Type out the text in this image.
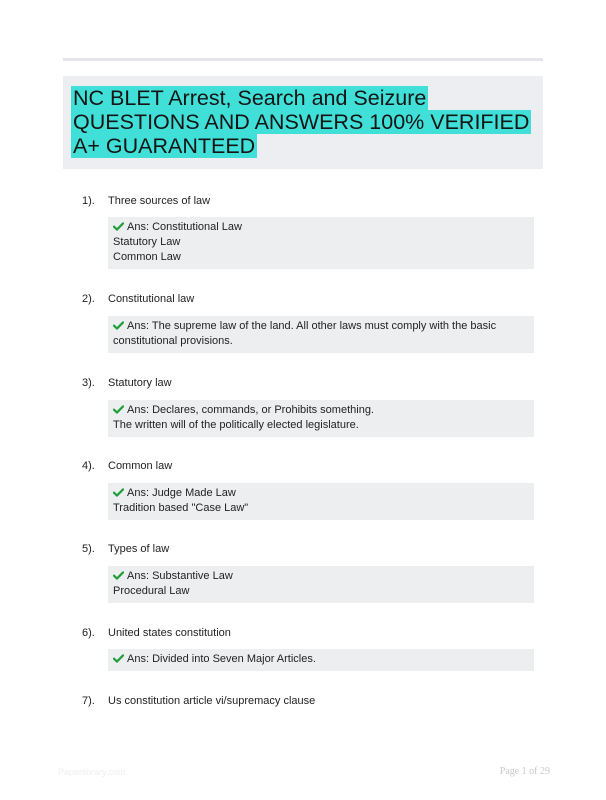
NC BLET Arrest, Search and Seizure QUESTIONS AND ANSWERS 100% VERIFIED A+ GUARANTEED
1). Three sources of law
Ans: Constitutional Law
Statutory Law
Common Law
2). Constitutional law
Ans: The supreme law of the land. All other laws must comply with the basic constitutional provisions.
3). Statutory law
Ans: Declares, commands, or Prohibits something.
The written will of the politically elected legislature.
4). Common law
Ans: Judge Made Law
Tradition based "Case Law"
5). Types of law
Ans: Substantive Law
Procedural Law
6). United states constitution
Ans: Divided into Seven Major Articles.
7). Us constitution article vi/supremacy clause
Paperlibrary.com	Page 1 of 29
